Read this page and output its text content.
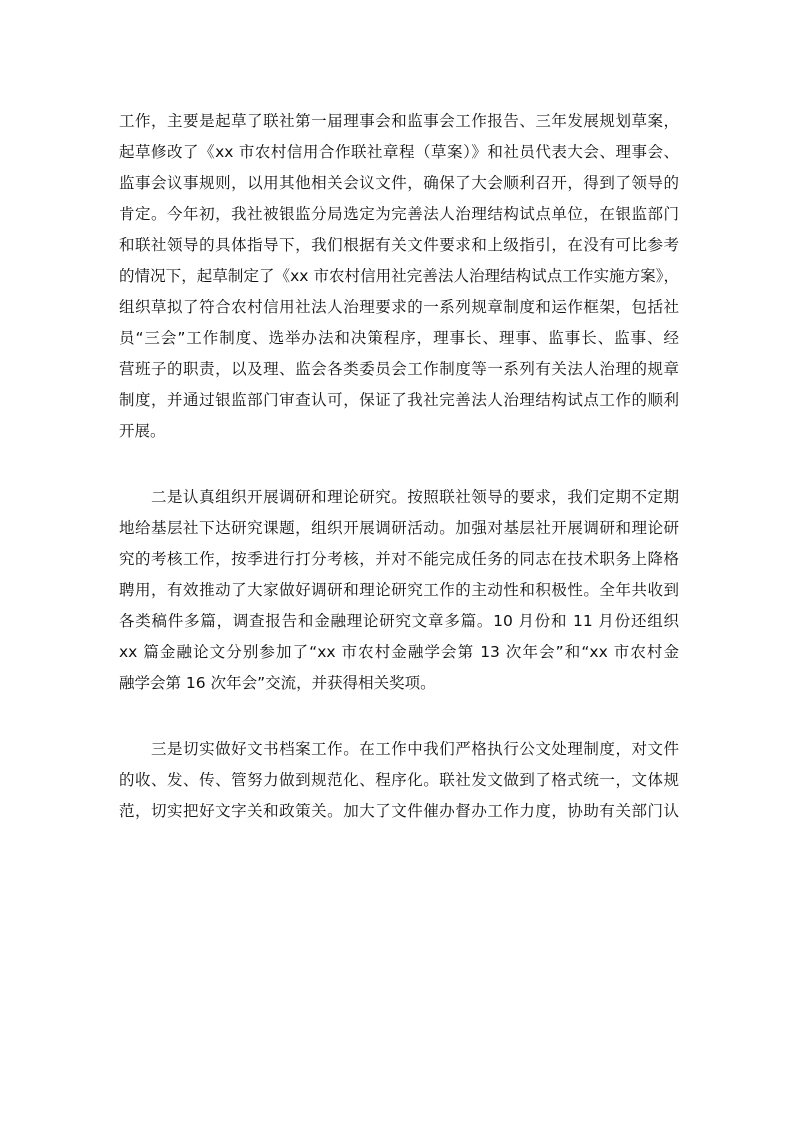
工作，主要是起草了联社第一届理事会和监事会工作报告、三年发展规划草案，
起草修改了《xx 市农村信用合作联社章程（草案）》和社员代表大会、理事会、
监事会议事规则，以用其他相关会议文件，确保了大会顺利召开，得到了领导的
肯定。今年初，我社被银监分局选定为完善法人治理结构试点单位，在银监部门
和联社领导的具体指导下，我们根据有关文件要求和上级指引，在没有可比参考
的情况下，起草制定了《xx 市农村信用社完善法人治理结构试点工作实施方案》，
组织草拟了符合农村信用社法人治理要求的一系列规章制度和运作框架，包括社
员“三会”工作制度、选举办法和决策程序，理事长、理事、监事长、监事、经
营班子的职责，以及理、监会各类委员会工作制度等一系列有关法人治理的规章
制度，并通过银监部门审查认可，保证了我社完善法人治理结构试点工作的顺利
开展。
　　二是认真组织开展调研和理论研究。按照联社领导的要求，我们定期不定期
地给基层社下达研究课题，组织开展调研活动。加强对基层社开展调研和理论研
究的考核工作，按季进行打分考核，并对不能完成任务的同志在技术职务上降格
聘用，有效推动了大家做好调研和理论研究工作的主动性和积极性。全年共收到
各类稿件多篇，调查报告和金融理论研究文章多篇。10 月份和 11 月份还组织
xx 篇金融论文分别参加了“xx 市农村金融学会第 13 次年会”和“xx 市农村金
融学会第 16 次年会”交流，并获得相关奖项。
　　三是切实做好文书档案工作。在工作中我们严格执行公文处理制度，对文件
的收、发、传、管努力做到规范化、程序化。联社发文做到了格式统一，文体规
范，切实把好文字关和政策关。加大了文件催办督办工作力度，协助有关部门认
